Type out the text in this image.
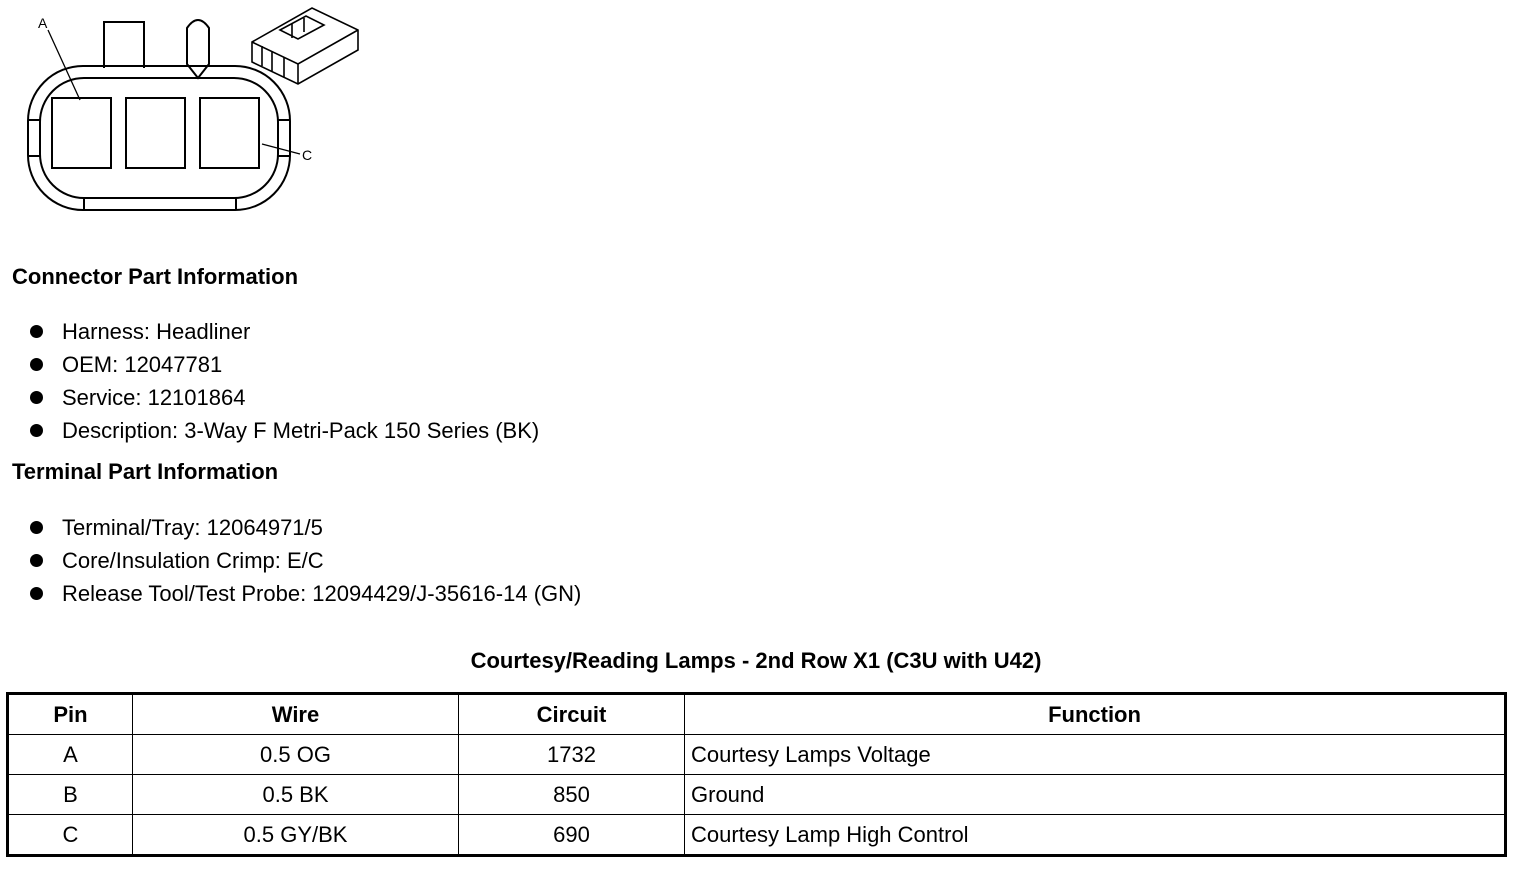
A
C
Connector Part Information
Harness: Headliner
OEM: 12047781
Service: 12101864
Description: 3-Way F Metri-Pack 150 Series (BK)
Terminal Part Information
Terminal/Tray: 12064971/5
Core/Insulation Crimp: E/C
Release Tool/Test Probe: 12094429/J-35616-14 (GN)
Courtesy/Reading Lamps - 2nd Row X1 (C3U with U42)
Pin	Wire	Circuit	Function
A	0.5 OG	1732	Courtesy Lamps Voltage
B	0.5 BK	850	Ground
C	0.5 GY/BK	690	Courtesy Lamp High Control
